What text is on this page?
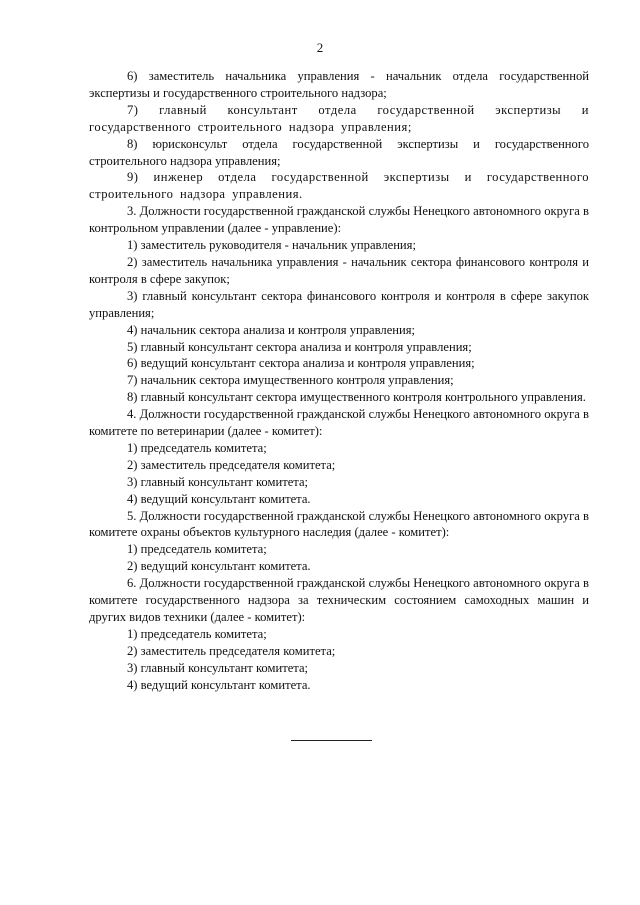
2

6) заместитель начальника управления - начальник отдела государственной экспертизы и государственного строительного надзора;

7) главный консультант отдела государственной экспертизы и государственного строительного надзора управления;

8) юрисконсульт отдела государственной экспертизы и государственного строительного надзора управления;

9) инженер отдела государственной экспертизы и государственного строительного надзора управления.

3. Должности государственной гражданской службы Ненецкого автономного округа в контрольном управлении (далее - управление):

1) заместитель руководителя - начальник управления;

2) заместитель начальника управления - начальник сектора финансового контроля и контроля в сфере закупок;

3) главный консультант сектора финансового контроля и контроля в сфере закупок управления;

4) начальник сектора анализа и контроля управления;

5) главный консультант сектора анализа и контроля управления;

6) ведущий консультант сектора анализа и контроля управления;

7) начальник сектора имущественного контроля управления;

8) главный консультант сектора имущественного контроля контрольного управления.

4. Должности государственной гражданской службы Ненецкого автономного округа в комитете по ветеринарии (далее - комитет):

1) председатель комитета;

2) заместитель председателя комитета;

3) главный консультант комитета;

4) ведущий консультант комитета.

5. Должности государственной гражданской службы Ненецкого автономного округа в комитете охраны объектов культурного наследия (далее - комитет):

1) председатель комитета;

2) ведущий консультант комитета.

6. Должности государственной гражданской службы Ненецкого автономного округа в комитете государственного надзора за техническим состоянием самоходных машин и других видов техники (далее - комитет):

1) председатель комитета;

2) заместитель председателя комитета;

3) главный консультант комитета;

4) ведущий консультант комитета.
